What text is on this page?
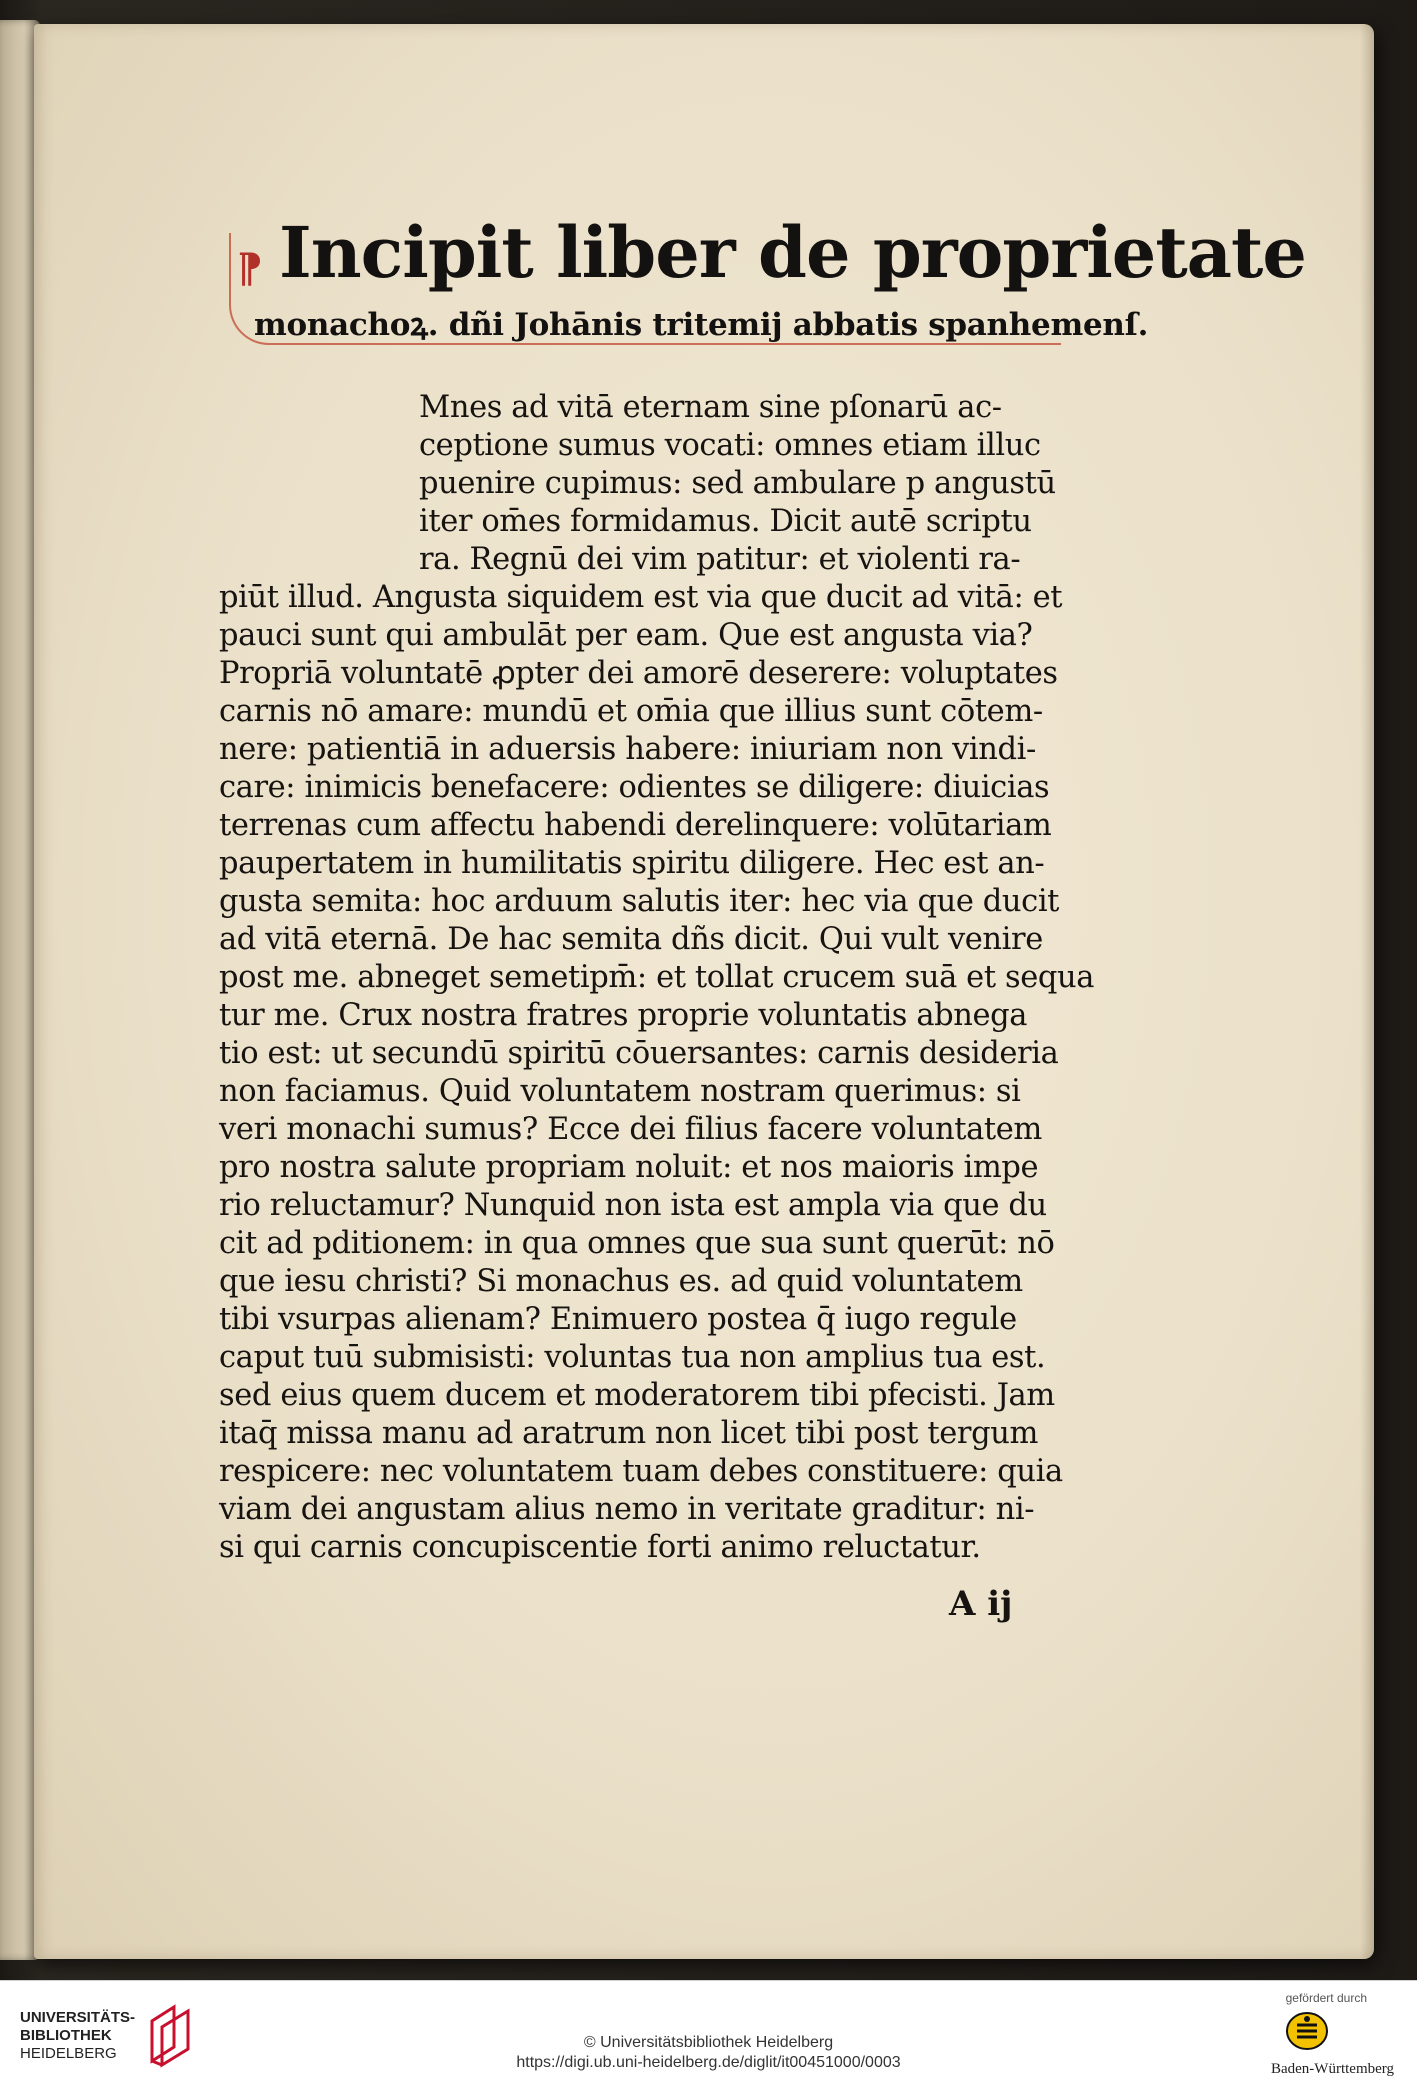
⁋ Incipit liber de proprietate
monachoꝝ. dñi Johānis tritemij abbatis spanhemenſ.
Mnes ad vitā eternam sine pſonarū ac-
ceptione sumus vocati: omnes etiam illuc
puenire cupimus: sed ambulare p angustū
iter om̄es formidamus. Dicit autē scriptu
ra. Regnū dei vim patitur: et violenti ra-
piūt illud. Angusta siquidem est via que ducit ad vitā: et
pauci sunt qui ambulāt per eam. Que est angusta via?
Propriā voluntatē ꝓpter dei amorē deserere: voluptates
carnis nō amare: mundū et om̄ia que illius sunt cōtem-
nere: patientiā in aduersis habere: iniuriam non vindi-
care: inimicis benefacere: odientes se diligere: diuicias
terrenas cum affectu habendi derelinquere: volūtariam
paupertatem in humilitatis spiritu diligere. Hec est an-
gusta semita: hoc arduum salutis iter: hec via que ducit
ad vitā eternā. De hac semita dñs dicit. Qui vult venire
post me. abneget semetipm̄: et tollat crucem suā et sequa
tur me. Crux nostra fratres proprie voluntatis abnega
tio est: ut secundū spiritū cōuersantes: carnis desideria
non faciamus. Quid voluntatem nostram querimus: si
veri monachi sumus? Ecce dei filius facere voluntatem
pro nostra salute propriam noluit: et nos maioris impe
rio reluctamur? Nunquid non ista est ampla via que du
cit ad pditionem: in qua omnes que sua sunt querūt: nō
que iesu christi? Si monachus es. ad quid voluntatem
tibi vsurpas alienam? Enimuero postea q̄ iugo regule
caput tuū submisisti: voluntas tua non amplius tua est.
sed eius quem ducem et moderatorem tibi pfecisti. Jam
itaq̄ missa manu ad aratrum non licet tibi post tergum
respicere: nec voluntatem tuam debes constituere: quia
viam dei angustam alius nemo in veritate graditur: ni-
si qui carnis concupiscentie forti animo reluctatur.
A ij
UNIVERSITÄTS-
BIBLIOTHEK
HEIDELBERG
© Universitätsbibliothek Heidelberg
https://digi.ub.uni-heidelberg.de/diglit/it00451000/0003
gefördert durch
Baden-Württemberg
